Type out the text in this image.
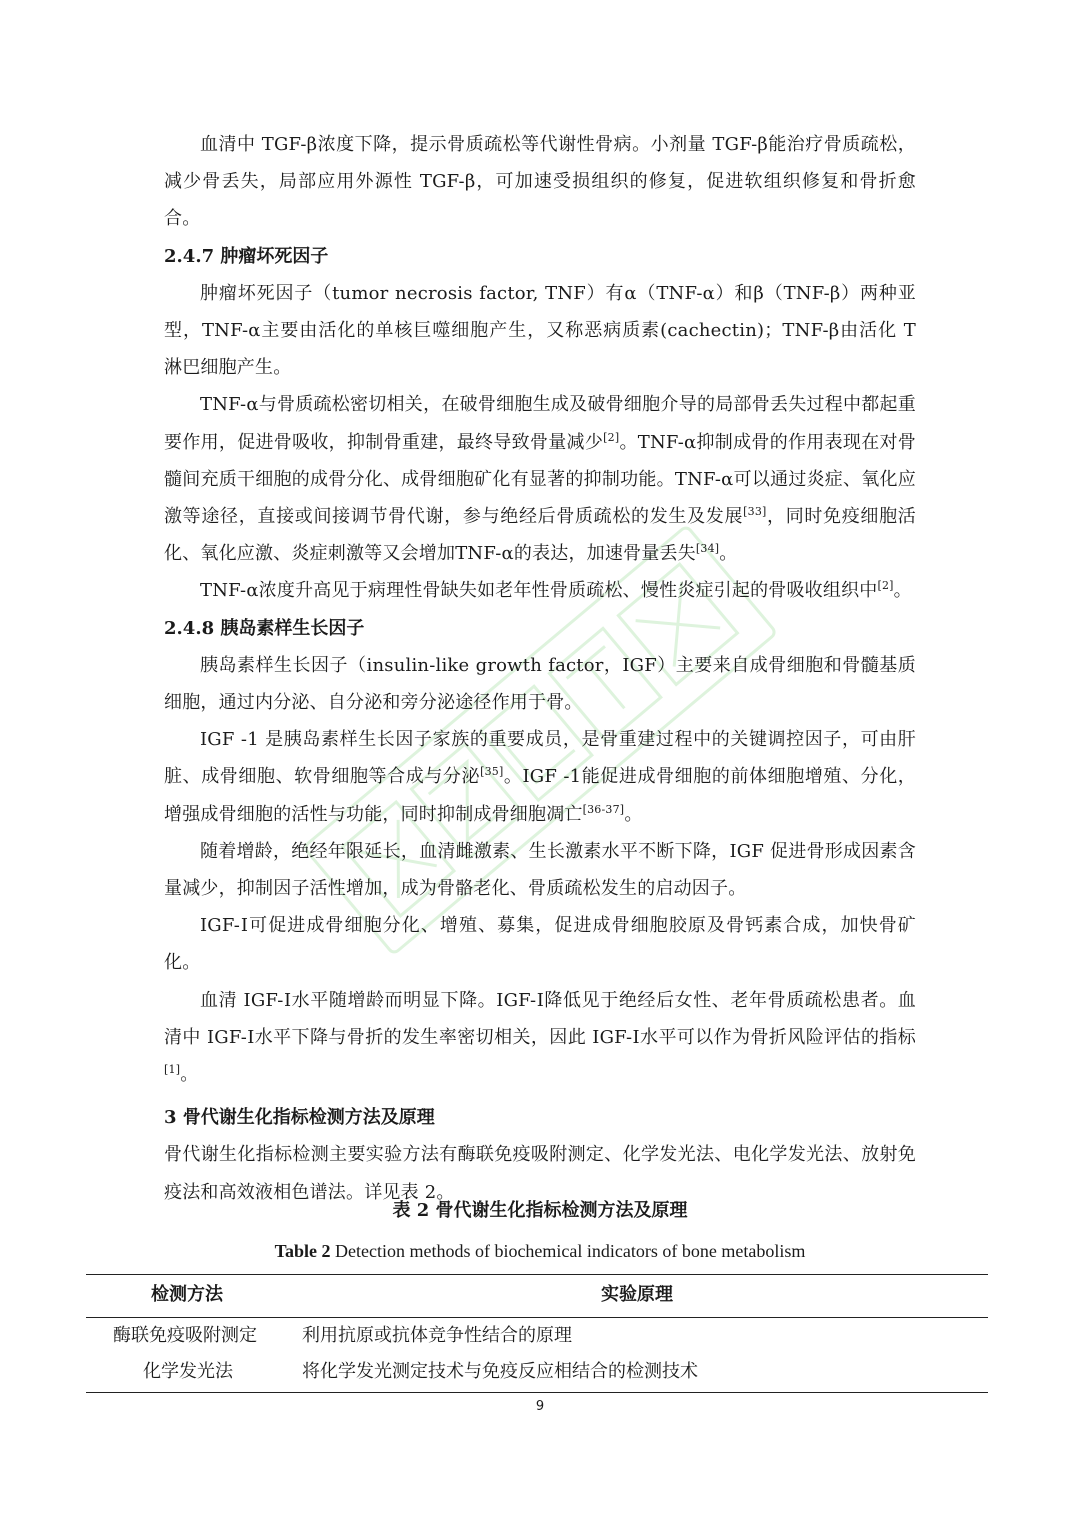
血清中 TGF-β浓度下降，提示骨质疏松等代谢性骨病。小剂量 TGF-β能治疗骨质疏松，减少骨丢失，局部应用外源性 TGF-β，可加速受损组织的修复，促进软组织修复和骨折愈合。

2.4.7 肿瘤坏死因子

肿瘤坏死因子（tumor necrosis factor, TNF）有α（TNF-α）和β（TNF-β）两种亚型，TNF-α主要由活化的单核巨噬细胞产生，又称恶病质素(cachectin)；TNF-β由活化 T 淋巴细胞产生。

TNF-α与骨质疏松密切相关，在破骨细胞生成及破骨细胞介导的局部骨丢失过程中都起重要作用，促进骨吸收，抑制骨重建，最终导致骨量减少[2]。TNF-α抑制成骨的作用表现在对骨髓间充质干细胞的成骨分化、成骨细胞矿化有显著的抑制功能。TNF-α可以通过炎症、氧化应激等途径，直接或间接调节骨代谢，参与绝经后骨质疏松的发生及发展[33]，同时免疫细胞活化、氧化应激、炎症刺激等又会增加TNF-α的表达，加速骨量丢失[34]。

TNF-α浓度升高见于病理性骨缺失如老年性骨质疏松、慢性炎症引起的骨吸收组织中[2]。

2.4.8 胰岛素样生长因子

胰岛素样生长因子（insulin-like growth factor，IGF）主要来自成骨细胞和骨髓基质细胞，通过内分泌、自分泌和旁分泌途径作用于骨。

IGF -1 是胰岛素样生长因子家族的重要成员，是骨重建过程中的关键调控因子，可由肝脏、成骨细胞、软骨细胞等合成与分泌[35]。IGF -1能促进成骨细胞的前体细胞增殖、分化，增强成骨细胞的活性与功能，同时抑制成骨细胞凋亡[36-37]。

随着增龄，绝经年限延长，血清雌激素、生长激素水平不断下降，IGF 促进骨形成因素含量减少，抑制因子活性增加，成为骨骼老化、骨质疏松发生的启动因子。

IGF-Ⅰ可促进成骨细胞分化、增殖、募集，促进成骨细胞胶原及骨钙素合成，加快骨矿化。

血清 IGF-Ⅰ水平随增龄而明显下降。IGF-Ⅰ降低见于绝经后女性、老年骨质疏松患者。血清中 IGF-Ⅰ水平下降与骨折的发生率密切相关，因此 IGF-Ⅰ水平可以作为骨折风险评估的指标[1]。

3 骨代谢生化指标检测方法及原理

骨代谢生化指标检测主要实验方法有酶联免疫吸附测定、化学发光法、电化学发光法、放射免疫法和高效液相色谱法。详见表 2。

表 2 骨代谢生化指标检测方法及原理
Table 2 Detection methods of biochemical indicators of bone metabolism
检测方法	实验原理
酶联免疫吸附测定	利用抗原或抗体竞争性结合的原理
化学发光法	将化学发光测定技术与免疫反应相结合的检测技术
9
